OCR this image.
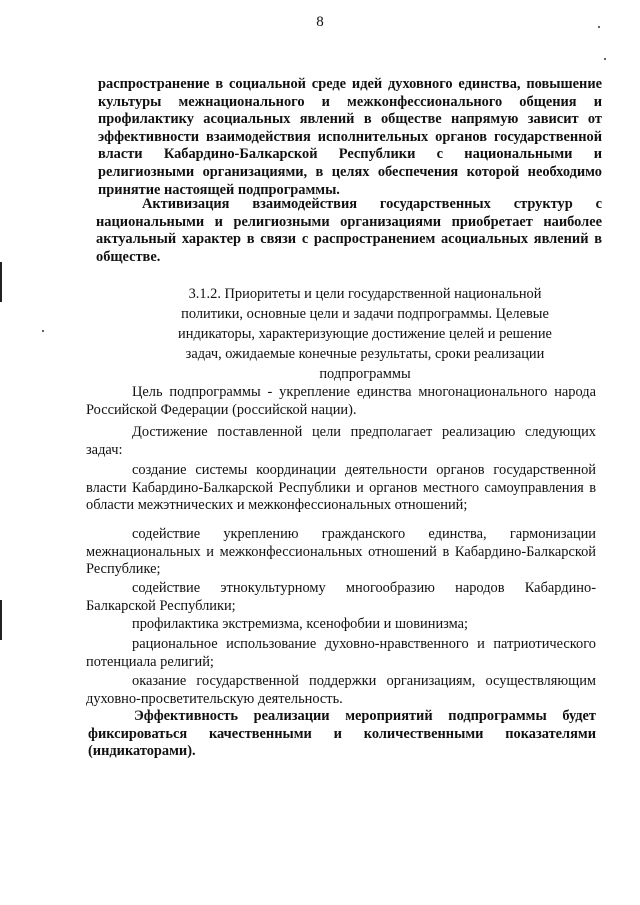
8

распространение в социальной среде идей духовного единства, повышение культуры межнационального и межконфессионального общения и профилактику асоциальных явлений в обществе напрямую зависит от эффективности взаимодействия исполнительных органов государственной власти Кабардино-Балкарской Республики с национальными и религиозными организациями, в целях обеспечения которой необходимо принятие настоящей подпрограммы.

Активизация взаимодействия государственных структур с национальными и религиозными организациями приобретает наиболее актуальный характер в связи с распространением асоциальных явлений в обществе.

3.1.2. Приоритеты и цели государственной национальной политики, основные цели и задачи подпрограммы. Целевые индикаторы, характеризующие достижение целей и решение задач, ожидаемые конечные результаты, сроки реализации подпрограммы

Цель подпрограммы - укрепление единства многонационального народа Российской Федерации (российской нации).

Достижение поставленной цели предполагает реализацию следующих задач:

создание системы координации деятельности органов государственной власти Кабардино-Балкарской Республики и органов местного самоуправления в области межэтнических и межконфессиональных отношений;

содействие укреплению гражданского единства, гармонизации межнациональных и межконфессиональных отношений в Кабардино-Балкарской Республике;

содействие этнокультурному многообразию народов Кабардино-Балкарской Республики;

профилактика экстремизма, ксенофобии и шовинизма;

рациональное использование духовно-нравственного и патриотического потенциала религий;

оказание государственной поддержки организациям, осуществляющим духовно-просветительскую деятельность.

Эффективность реализации мероприятий подпрограммы будет фиксироваться качественными и количественными показателями (индикаторами).
